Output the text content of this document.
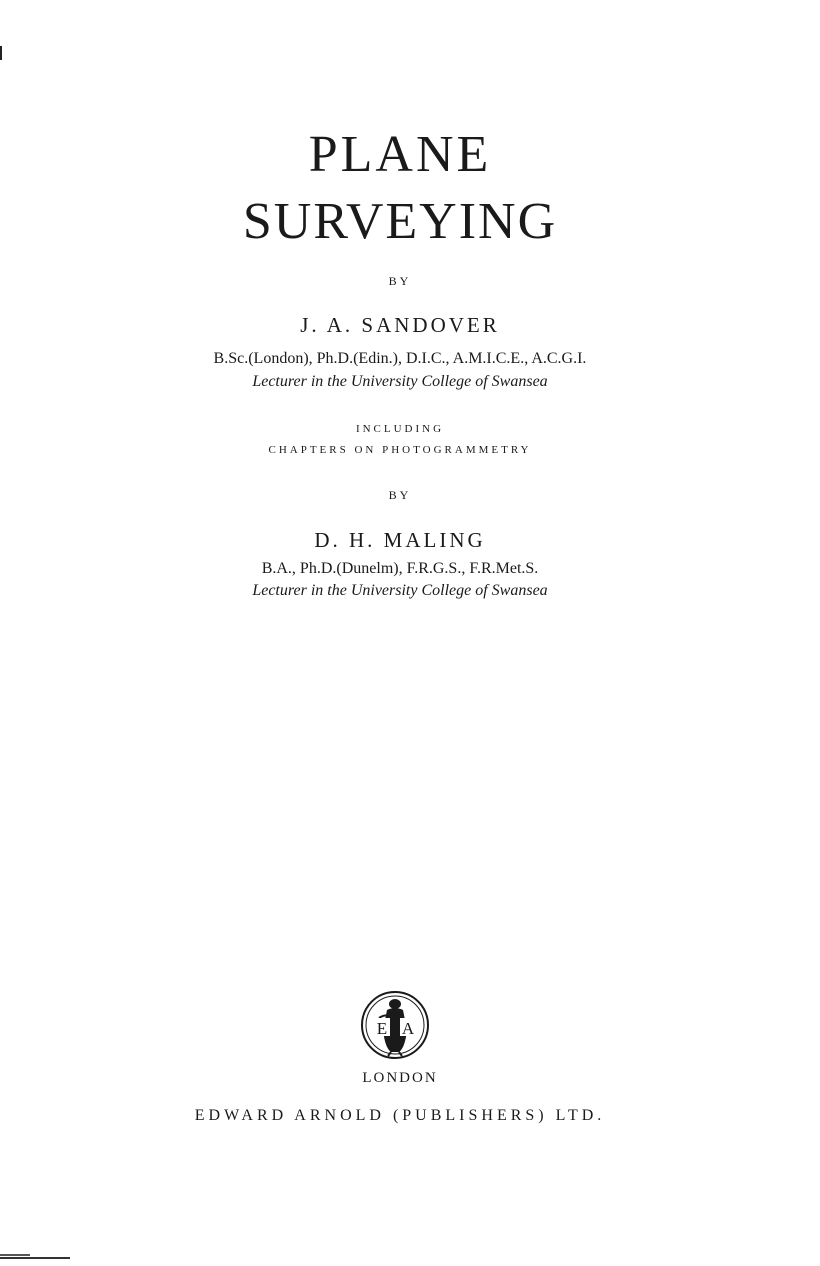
PLANE
SURVEYING
BY
J. A. SANDOVER
B.Sc.(London), Ph.D.(Edin.), D.I.C., A.M.I.C.E., A.C.G.I.
Lecturer in the University College of Swansea
INCLUDING
CHAPTERS ON PHOTOGRAMMETRY
BY
D. H. MALING
B.A., Ph.D.(Dunelm), F.R.G.S., F.R.Met.S.
Lecturer in the University College of Swansea
E A
LONDON
EDWARD ARNOLD (PUBLISHERS) LTD.
